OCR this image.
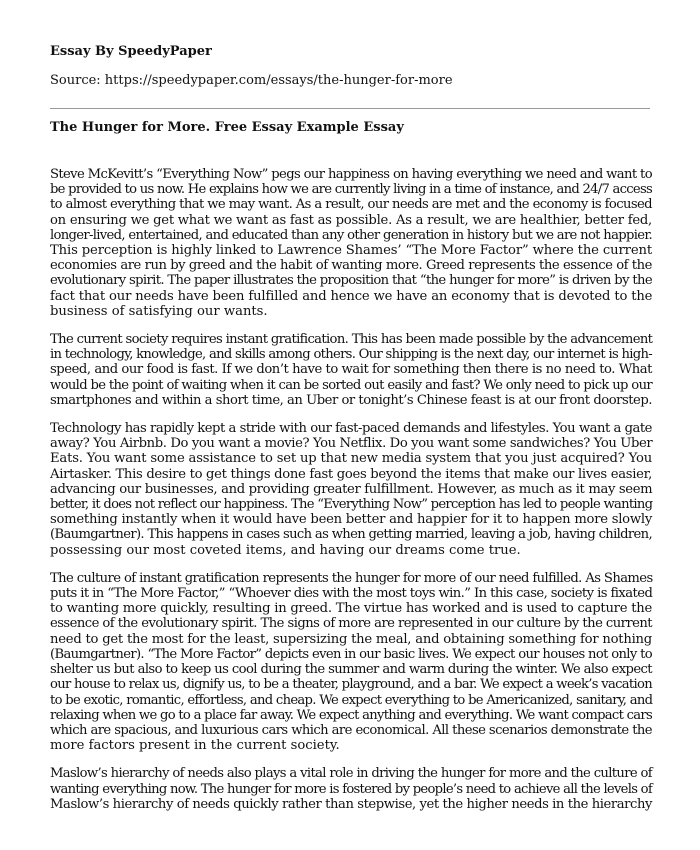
Essay By SpeedyPaper
Source: https://speedypaper.com/essays/the-hunger-for-more
The Hunger for More. Free Essay Example Essay
Steve McKevitt’s “Everything Now” pegs our happiness on having everything we need and want to
be provided to us now. He explains how we are currently living in a time of instance, and 24/7 access
to almost everything that we may want. As a result, our needs are met and the economy is focused
on ensuring we get what we want as fast as possible. As a result, we are healthier, better fed,
longer-lived, entertained, and educated than any other generation in history but we are not happier.
This perception is highly linked to Lawrence Shames’ “The More Factor” where the current
economies are run by greed and the habit of wanting more. Greed represents the essence of the
evolutionary spirit. The paper illustrates the proposition that “the hunger for more” is driven by the
fact that our needs have been fulfilled and hence we have an economy that is devoted to the
business of satisfying our wants.
The current society requires instant gratification. This has been made possible by the advancement
in technology, knowledge, and skills among others. Our shipping is the next day, our internet is high-
speed, and our food is fast. If we don’t have to wait for something then there is no need to. What
would be the point of waiting when it can be sorted out easily and fast? We only need to pick up our
smartphones and within a short time, an Uber or tonight’s Chinese feast is at our front doorstep.
Technology has rapidly kept a stride with our fast-paced demands and lifestyles. You want a gate
away? You Airbnb. Do you want a movie? You Netflix. Do you want some sandwiches? You Uber
Eats. You want some assistance to set up that new media system that you just acquired? You
Airtasker. This desire to get things done fast goes beyond the items that make our lives easier,
advancing our businesses, and providing greater fulfillment. However, as much as it may seem
better, it does not reflect our happiness. The “Everything Now” perception has led to people wanting
something instantly when it would have been better and happier for it to happen more slowly
(Baumgartner). This happens in cases such as when getting married, leaving a job, having children,
possessing our most coveted items, and having our dreams come true.
The culture of instant gratification represents the hunger for more of our need fulfilled. As Shames
puts it in “The More Factor,” “Whoever dies with the most toys win.” In this case, society is fixated
to wanting more quickly, resulting in greed. The virtue has worked and is used to capture the
essence of the evolutionary spirit. The signs of more are represented in our culture by the current
need to get the most for the least, supersizing the meal, and obtaining something for nothing
(Baumgartner). “The More Factor” depicts even in our basic lives. We expect our houses not only to
shelter us but also to keep us cool during the summer and warm during the winter. We also expect
our house to relax us, dignify us, to be a theater, playground, and a bar. We expect a week’s vacation
to be exotic, romantic, effortless, and cheap. We expect everything to be Americanized, sanitary, and
relaxing when we go to a place far away. We expect anything and everything. We want compact cars
which are spacious, and luxurious cars which are economical. All these scenarios demonstrate the
more factors present in the current society.
Maslow’s hierarchy of needs also plays a vital role in driving the hunger for more and the culture of
wanting everything now. The hunger for more is fostered by people’s need to achieve all the levels of
Maslow’s hierarchy of needs quickly rather than stepwise, yet the higher needs in the hierarchy
